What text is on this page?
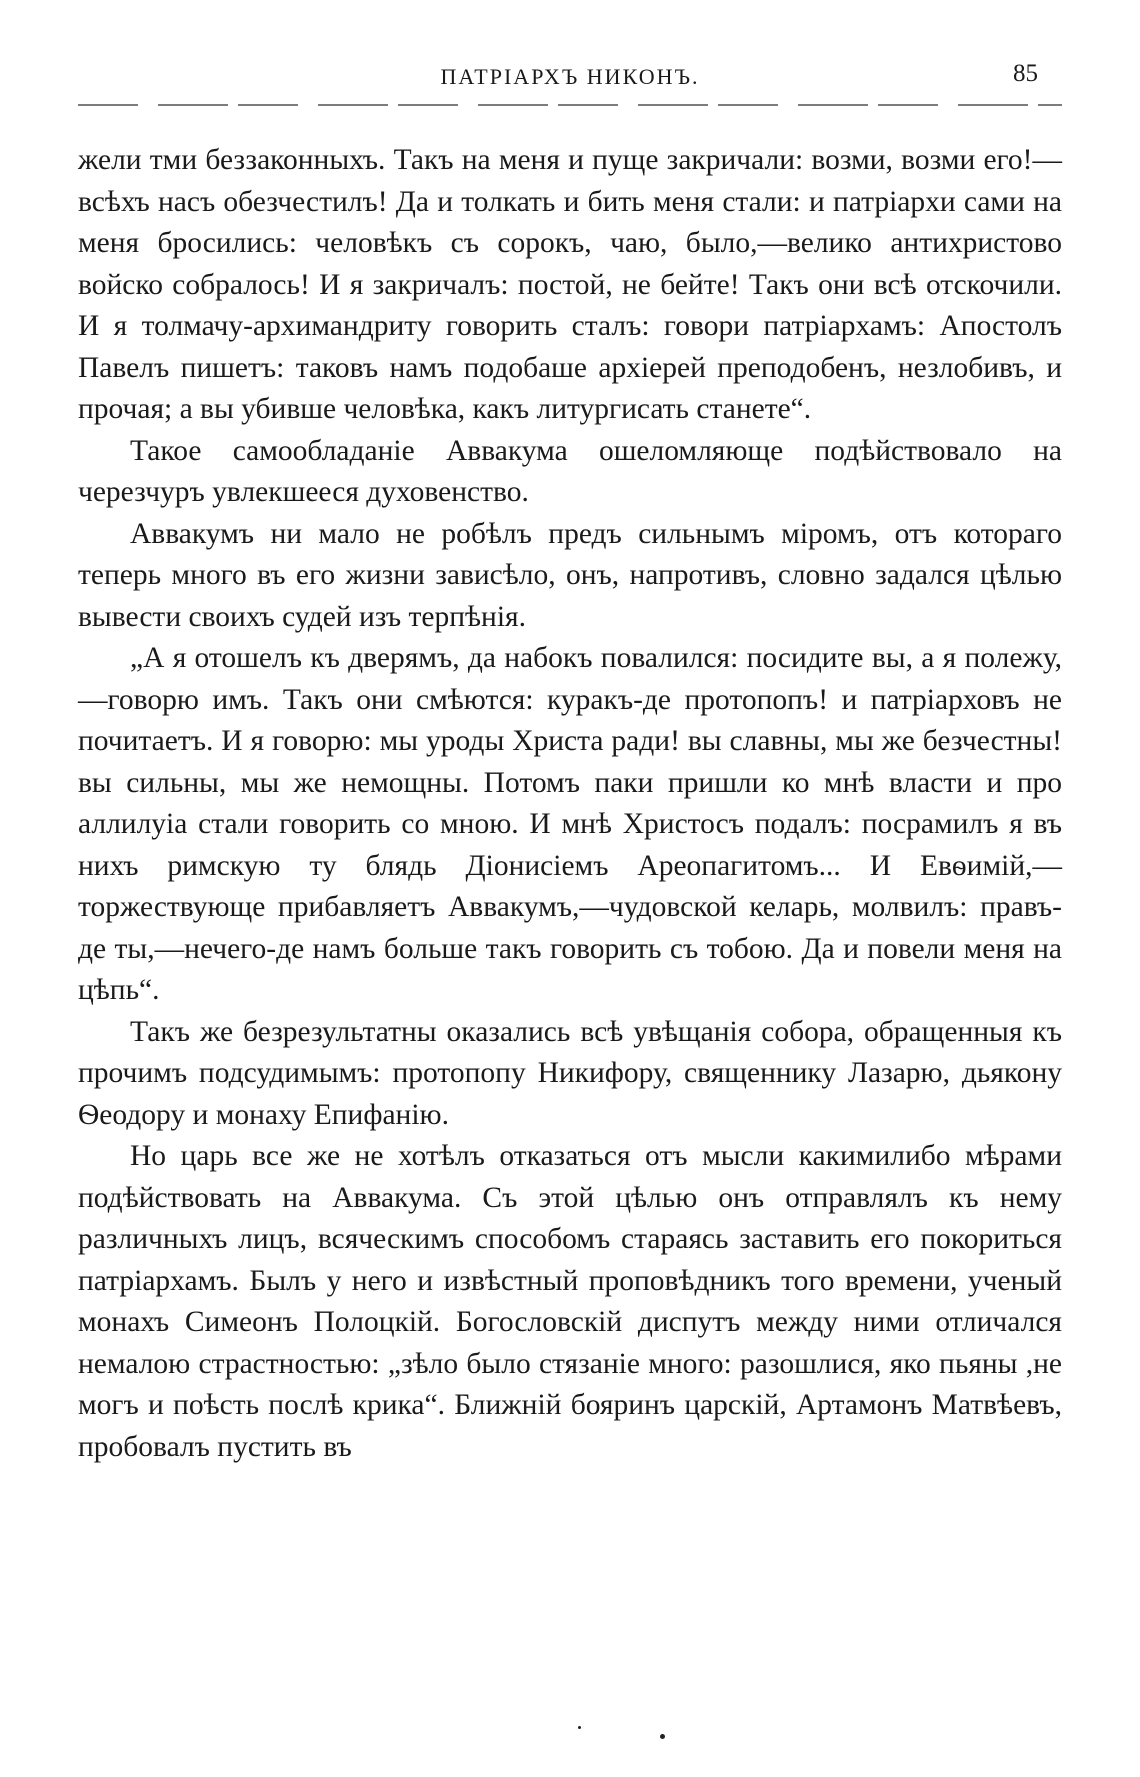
ПАТРІАРХЪ НИКОНЪ.	85

жели тми беззаконныхъ. Такъ на меня и пуще закричали: возми, возми его!—всѣхъ насъ обезчестилъ! Да и толкать и бить меня стали: и патріархи сами на меня бросились: человѣкъ съ сорокъ, чаю, было,—велико антихристово войско собралось! И я закричалъ: постой, не бейте! Такъ они всѣ отскочили. И я толмачу-архимандриту говорить сталъ: говори патріархамъ: Апостолъ Павелъ пишетъ: таковъ намъ подобаше архіерей преподобенъ, незлобивъ, и прочая; а вы убивше человѣка, какъ литургисать станете“.

Такое самообладаніе Аввакума ошеломляюще подѣйствовало на черезчуръ увлекшееся духовенство.

Аввакумъ ни мало не робѣлъ предъ сильнымъ міромъ, отъ котораго теперь много въ его жизни зависѣло, онъ, напротивъ, словно задался цѣлью вывести своихъ судей изъ терпѣнія.

„А я отошелъ къ дверямъ, да набокъ повалился: посидите вы, а я полежу,—говорю имъ. Такъ они смѣются: куракъ-де протопопъ! и патріарховъ не почитаетъ. И я говорю: мы уроды Христа ради! вы славны, мы же безчестны! вы сильны, мы же немощны. Потомъ паки пришли ко мнѣ власти и про аллилуіа стали говорить со мною. И мнѣ Христосъ подалъ: посрамилъ я въ нихъ римскую ту блядь Діонисіемъ Ареопагитомъ... И Евѳимій,—торжествующе прибавляетъ Аввакумъ,—чудовской келарь, молвилъ: правъ-де ты,—нечего-де намъ больше такъ говорить съ тобою. Да и повели меня на цѣпь“.

Такъ же безрезультатны оказались всѣ увѣщанія собора, обращенныя къ прочимъ подсудимымъ: протопопу Никифору, священнику Лазарю, дьякону Ѳеодору и монаху Епифанію.

Но царь все же не хотѣлъ отказаться отъ мысли какимилибо мѣрами подѣйствовать на Аввакума. Съ этой цѣлью онъ отправлялъ къ нему различныхъ лицъ, всяческимъ способомъ стараясь заставить его покориться патріархамъ. Былъ у него и извѣстный проповѣдникъ того времени, ученый монахъ Симеонъ Полоцкій. Богословскій диспутъ между ними отличался немалою страстностью: „зѣло было стязаніе много: разошлися, яко пьяны ,не могъ и поѣсть послѣ крика“. Ближній бояринъ царскій, Артамонъ Матвѣевъ, пробовалъ пустить въ
